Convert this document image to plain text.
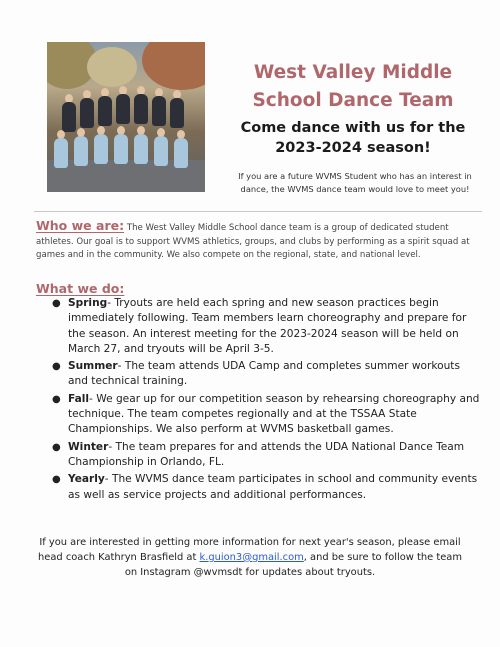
West Valley Middle
School Dance Team
Come dance with us for the
2023-2024 season!

If you are a future WVMS Student who has an interest in
dance, the WVMS dance team would love to meet you!

Who we are: The West Valley Middle School dance team is a group of dedicated student athletes. Our goal is to support WVMS athletics, groups, and clubs by performing as a spirit squad at games and in the community. We also compete on the regional, state, and national level.

What we do:

● Spring- Tryouts are held each spring and new season practices begin immediately following. Team members learn choreography and prepare for the season. An interest meeting for the 2023-2024 season will be held on March 27, and tryouts will be April 3-5.
● Summer- The team attends UDA Camp and completes summer workouts and technical training.
● Fall- We gear up for our competition season by rehearsing choreography and technique. The team competes regionally and at the TSSAA State Championships. We also perform at WVMS basketball games.
● Winter- The team prepares for and attends the UDA National Dance Team Championship in Orlando, FL.
● Yearly- The WVMS dance team participates in school and community events as well as service projects and additional performances.

If you are interested in getting more information for next year's season, please email head coach Kathryn Brasfield at k.guion3@gmail.com, and be sure to follow the team on Instagram @wvmsdt for updates about tryouts.
